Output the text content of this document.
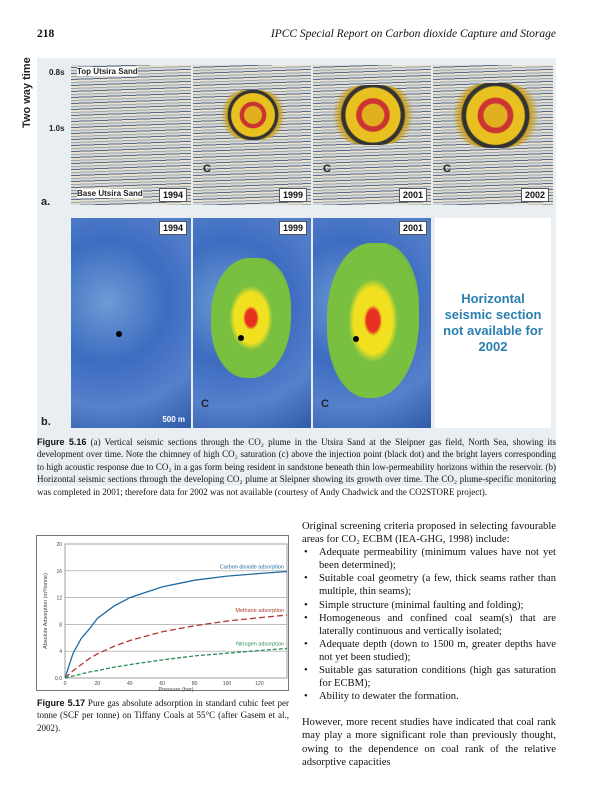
218	IPCC Special Report on Carbon dioxide Capture and Storage
Two way time 0.8s
1.0s
Top Utsira Sand
Base Utsira Sand	1994
a.
C
1999
C
2001
C
2002
1994
500 m
b.
C
1999
C
2001
Horizontal seismic section not available for 2002
Figure 5.16 (a) Vertical seismic sections through the CO₂ plume in the Utsira Sand at the Sleipner gas field, North Sea, showing its development over time. Note the chimney of high CO₂ saturation (c) above the injection point (black dot) and the bright layers corresponding to high acoustic response due to CO₂ in a gas form being resident in sandstone beneath thin low-permeability horizons within the reservoir. (b) Horizontal seismic sections through the developing CO₂ plume at Sleipner showing its growth over time. The CO₂ plume-specific monitoring was completed in 2001; therefore data for 2002 was not available (courtesy of Andy Chadwick and the CO2STORE project).
0.0
4
8
12
16
20
0	20	40	60	80	100	120
Pressure (bar)
Absolute Adsorption (m³/tonne)
Carbon dioxide adsorption
Methane adsorption
Nitrogen adsorption
Figure 5.17 Pure gas absolute adsorption in standard cubic feet per tonne (SCF per tonne) on Tiffany Coals at 55°C (after Gasem et al., 2002).

Original screening criteria proposed in selecting favourable areas for CO₂ ECBM (IEA-GHG, 1998) include:

• Adequate permeability (minimum values have not yet been determined);
• Suitable coal geometry (a few, thick seams rather than multiple, thin seams);
• Simple structure (minimal faulting and folding);
• Homogeneous and confined coal seam(s) that are laterally continuous and vertically isolated;
• Adequate depth (down to 1500 m, greater depths have not yet been studied);
• Suitable gas saturation conditions (high gas saturation for ECBM);
• Ability to dewater the formation.

However, more recent studies have indicated that coal rank may play a more significant role than previously thought, owing to the dependence on coal rank of the relative adsorptive capacities
